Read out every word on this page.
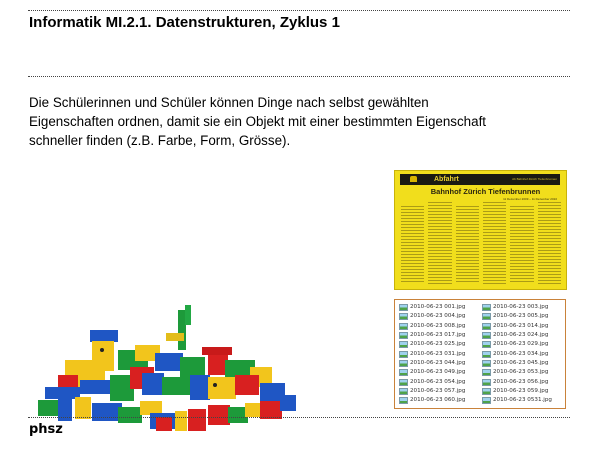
Informatik MI.2.1. Datenstrukturen, Zyklus 1

Die Schülerinnen und Schüler können Dinge nach selbst gewählten

Eigenschaften ordnen, damit sie ein Objekt mit einer bestimmten Eigenschaft

schneller finden (z.B. Farbe, Form, Grösse).

Abfahrt	Ab Bahnhof Zürich Tiefenbrunnen
Bahnhof Zürich Tiefenbrunnen
11 Dezember 2009 – 11 Dezember 2010
2010-06-23 001.jpg
2010-06-23 004.jpg
2010-06-23 008.jpg
2010-06-23 017.jpg
2010-06-23 025.jpg
2010-06-23 031.jpg
2010-06-23 044.jpg
2010-06-23 049.jpg
2010-06-23 054.jpg
2010-06-23 057.jpg
2010-06-23 060.jpg
2010-06-23 003.jpg
2010-06-23 005.jpg
2010-06-23 014.jpg
2010-06-23 024.jpg
2010-06-23 029.jpg
2010-06-23 034.jpg
2010-06-23 045.jpg
2010-06-23 053.jpg
2010-06-23 056.jpg
2010-06-23 059.jpg
2010-06-23 0531.jpg
phsz
